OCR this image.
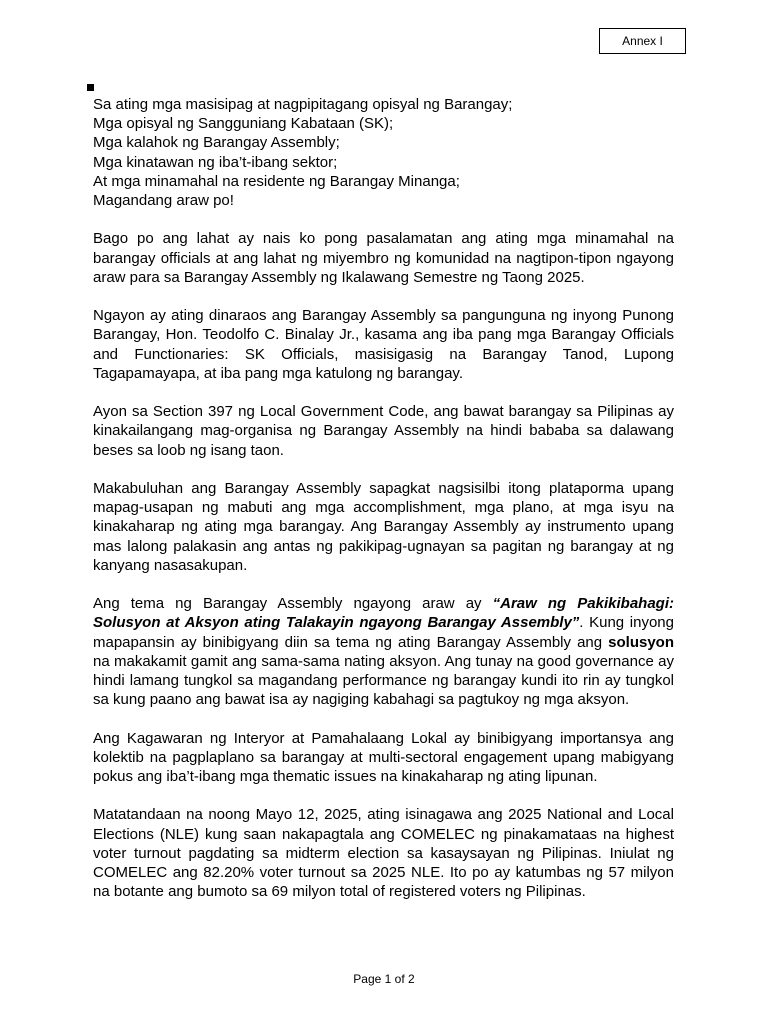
Annex I
Sa ating mga masisipag at nagpipitagang opisyal ng Barangay;
Mga opisyal ng Sangguniang Kabataan (SK);
Mga kalahok ng Barangay Assembly;
Mga kinatawan ng iba’t-ibang sektor;
At mga minamahal na residente ng Barangay Minanga;
Magandang araw po!

Bago po ang lahat ay nais ko pong pasalamatan ang ating mga minamahal na barangay officials at ang lahat ng miyembro ng komunidad na nagtipon-tipon ngayong araw para sa Barangay Assembly ng Ikalawang Semestre ng Taong 2025.

Ngayon ay ating dinaraos ang Barangay Assembly sa pangunguna ng inyong Punong Barangay, Hon. Teodolfo C. Binalay Jr., kasama ang iba pang mga Barangay Officials and Functionaries: SK Officials, masisigasig na Barangay Tanod, Lupong Tagapamayapa, at iba pang mga katulong ng barangay.

Ayon sa Section 397 ng Local Government Code, ang bawat barangay sa Pilipinas ay kinakailangang mag-organisa ng Barangay Assembly na hindi bababa sa dalawang beses sa loob ng isang taon.

Makabuluhan ang Barangay Assembly sapagkat nagsisilbi itong plataporma upang mapag-usapan ng mabuti ang mga accomplishment, mga plano, at mga isyu na kinakaharap ng ating mga barangay. Ang Barangay Assembly ay instrumento upang mas lalong palakasin ang antas ng pakikipag-ugnayan sa pagitan ng barangay at ng kanyang nasasakupan.

Ang tema ng Barangay Assembly ngayong araw ay “Araw ng Pakikibahagi: Solusyon at Aksyon ating Talakayin ngayong Barangay Assembly”. Kung inyong mapapansin ay binibigyang diin sa tema ng ating Barangay Assembly ang solusyon na makakamit gamit ang sama-sama nating aksyon. Ang tunay na good governance ay hindi lamang tungkol sa magandang performance ng barangay kundi ito rin ay tungkol sa kung paano ang bawat isa ay nagiging kabahagi sa pagtukoy ng mga aksyon.

Ang Kagawaran ng Interyor at Pamahalaang Lokal ay binibigyang importansya ang kolektib na pagplaplano sa barangay at multi-sectoral engagement upang mabigyang pokus ang iba’t-ibang mga thematic issues na kinakaharap ng ating lipunan.

Matatandaan na noong Mayo 12, 2025, ating isinagawa ang 2025 National and Local Elections (NLE) kung saan nakapagtala ang COMELEC ng pinakamataas na highest voter turnout pagdating sa midterm election sa kasaysayan ng Pilipinas. Iniulat ng COMELEC ang 82.20% voter turnout sa 2025 NLE. Ito po ay katumbas ng 57 milyon na botante ang bumoto sa 69 milyon total of registered voters ng Pilipinas.

Page 1 of 2
